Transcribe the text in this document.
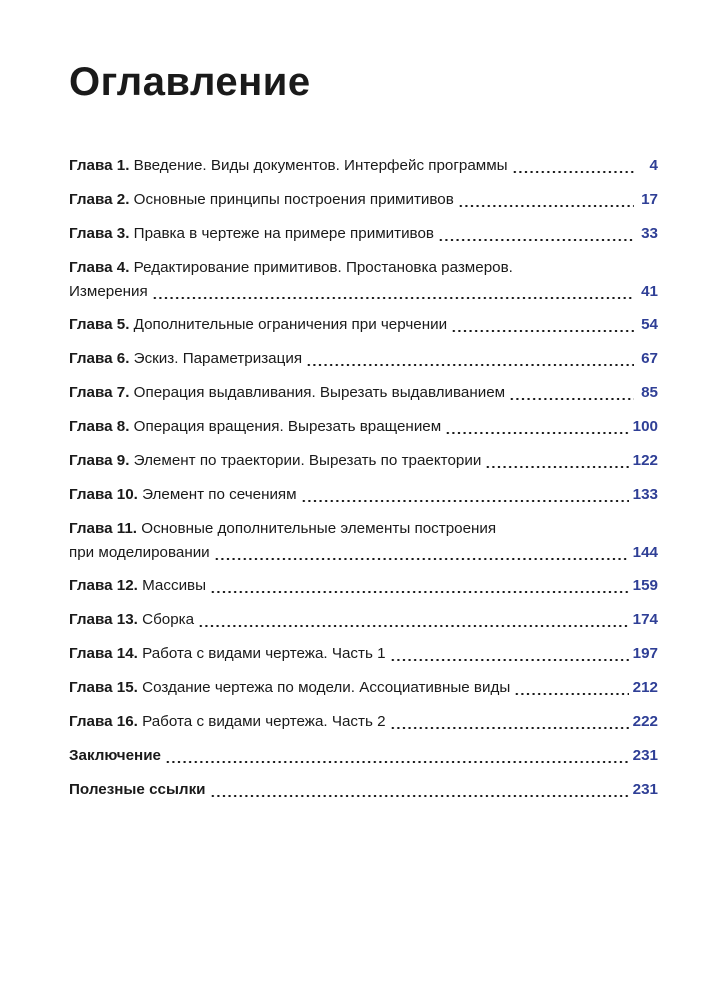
Оглавление
Глава 1.
Введение. Виды документов. Интерфейс программы	4
Глава 2.
Основные принципы построения примитивов	17
Глава 3.
Правка в чертеже на примере примитивов	33
Глава 4.
Редактирование примитивов. Простановка размеров.
Измерения	41
Глава 5.
Дополнительные ограничения при черчении	54
Глава 6.
Эскиз. Параметризация	67
Глава 7.
Операция выдавливания. Вырезать выдавливанием	85
Глава 8.
Операция вращения. Вырезать вращением	100
Глава 9.
Элемент по траектории. Вырезать по траектории	122
Глава 10.
Элемент по сечениям	133
Глава 11.
Основные дополнительные элементы построения
при моделировании	144
Глава 12.
Массивы	159
Глава 13.
Сборка	174
Глава 14.
Работа с видами чертежа. Часть 1	197
Глава 15.
Создание чертежа по модели. Ассоциативные виды	212
Глава 16.
Работа с видами чертежа. Часть 2	222
Заключение	231
Полезные ссылки	231
